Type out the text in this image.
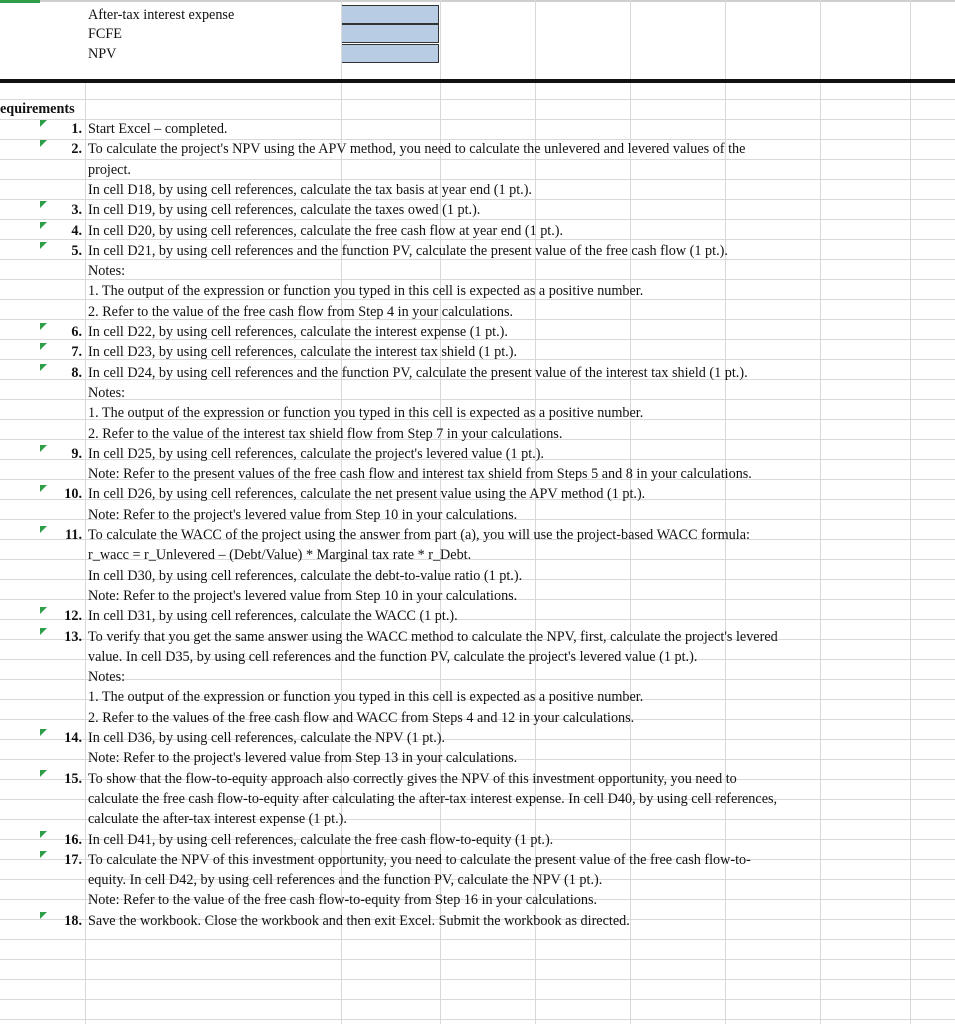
After-tax interest expense
FCFE
NPV
equirements
1. Start Excel – completed.
2. To calculate the project's NPV using the APV method, you need to calculate the unlevered and levered values of the
project.
In cell D18, by using cell references, calculate the tax basis at year end (1 pt.).
3. In cell D19, by using cell references, calculate the taxes owed (1 pt.).
4. In cell D20, by using cell references, calculate the free cash flow at year end (1 pt.).
5. In cell D21, by using cell references and the function PV, calculate the present value of the free cash flow (1 pt.).
Notes:
1. The output of the expression or function you typed in this cell is expected as a positive number.
2. Refer to the value of the free cash flow from Step 4 in your calculations.
6. In cell D22, by using cell references, calculate the interest expense (1 pt.).
7. In cell D23, by using cell references, calculate the interest tax shield (1 pt.).
8. In cell D24, by using cell references and the function PV, calculate the present value of the interest tax shield (1 pt.).
Notes:
1. The output of the expression or function you typed in this cell is expected as a positive number.
2. Refer to the value of the interest tax shield flow from Step 7 in your calculations.
9. In cell D25, by using cell references, calculate the project's levered value (1 pt.).
Note: Refer to the present values of the free cash flow and interest tax shield from Steps 5 and 8 in your calculations.
10. In cell D26, by using cell references, calculate the net present value using the APV method (1 pt.).
Note: Refer to the project's levered value from Step 10 in your calculations.
11. To calculate the WACC of the project using the answer from part (a), you will use the project-based WACC formula:
r_wacc = r_Unlevered – (Debt/Value) * Marginal tax rate * r_Debt.
In cell D30, by using cell references, calculate the debt-to-value ratio (1 pt.).
Note: Refer to the project's levered value from Step 10 in your calculations.
12. In cell D31, by using cell references, calculate the WACC (1 pt.).
13. To verify that you get the same answer using the WACC method to calculate the NPV, first, calculate the project's levered
value. In cell D35, by using cell references and the function PV, calculate the project's levered value (1 pt.).
Notes:
1. The output of the expression or function you typed in this cell is expected as a positive number.
2. Refer to the values of the free cash flow and WACC from Steps 4 and 12 in your calculations.
14. In cell D36, by using cell references, calculate the NPV (1 pt.).
Note: Refer to the project's levered value from Step 13 in your calculations.
15. To show that the flow-to-equity approach also correctly gives the NPV of this investment opportunity, you need to
calculate the free cash flow-to-equity after calculating the after-tax interest expense. In cell D40, by using cell references,
calculate the after-tax interest expense (1 pt.).
16. In cell D41, by using cell references, calculate the free cash flow-to-equity (1 pt.).
17. To calculate the NPV of this investment opportunity, you need to calculate the present value of the free cash flow-to-
equity. In cell D42, by using cell references and the function PV, calculate the NPV (1 pt.).
Note: Refer to the value of the free cash flow-to-equity from Step 16 in your calculations.
18. Save the workbook. Close the workbook and then exit Excel. Submit the workbook as directed.
